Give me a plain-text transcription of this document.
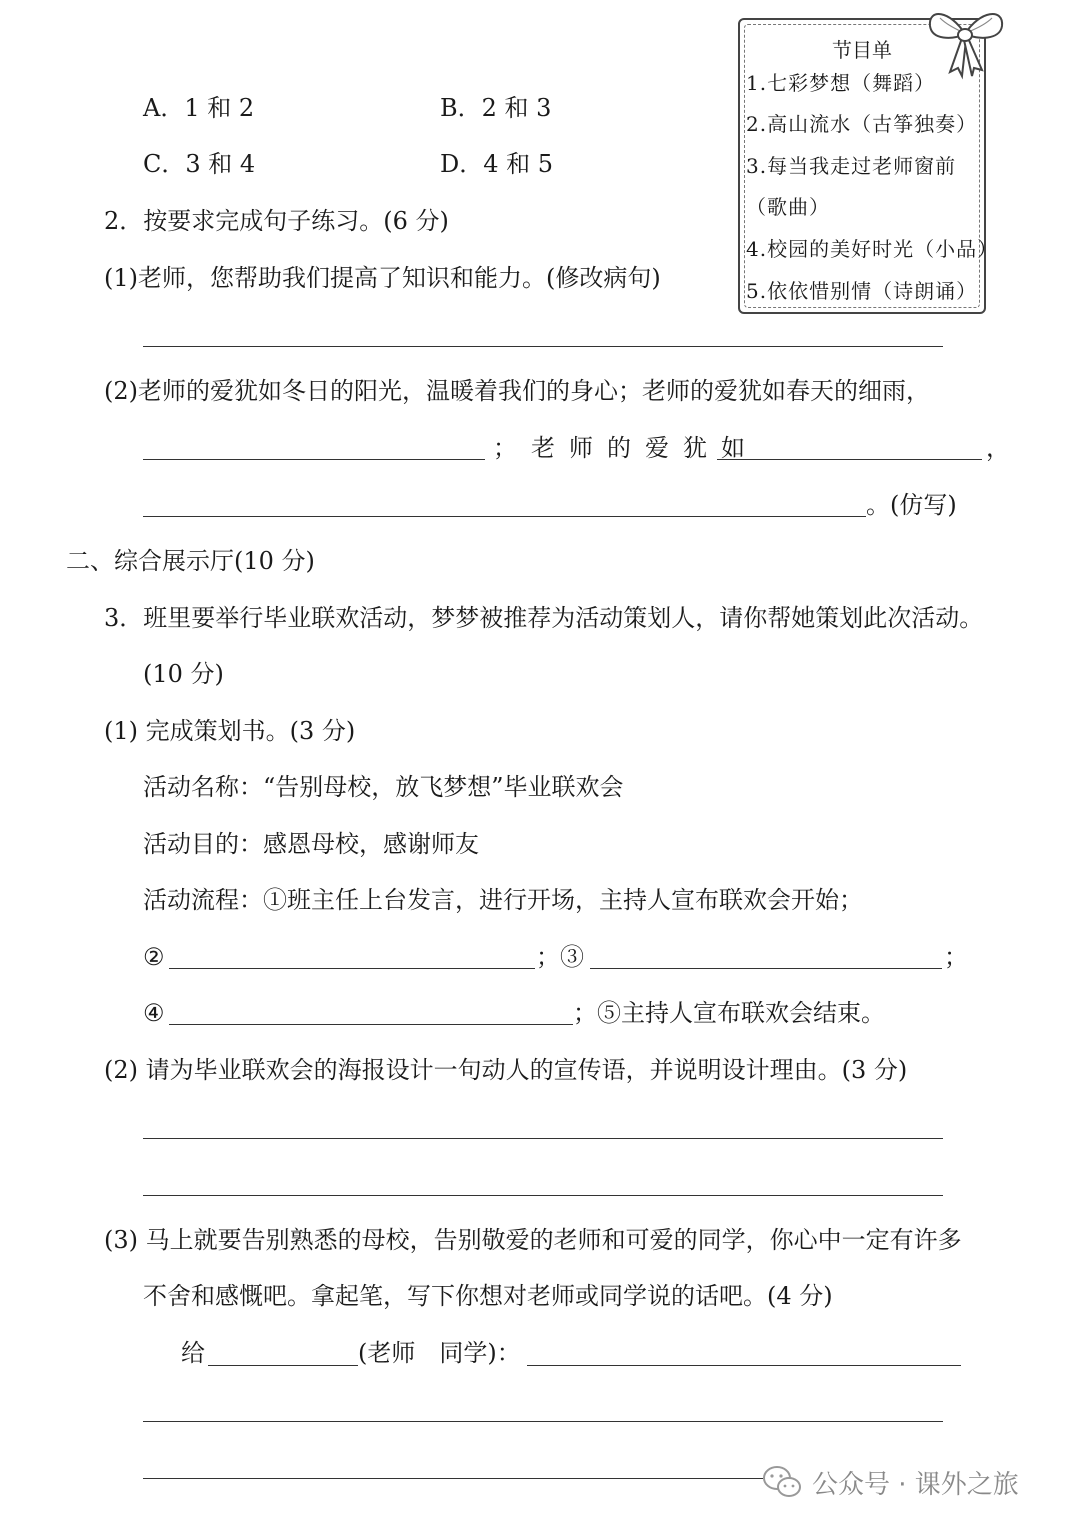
A．1 和 2	B．2 和 3
C．3 和 4	D．4 和 5
节目单
1.七彩梦想（舞蹈）
2.高山流水（古筝独奏）
3.每当我走过老师窗前
（歌曲）
4.校园的美好时光（小品）
5.依依惜别情（诗朗诵）
2．按要求完成句子练习。(6 分)
(1)老师，您帮助我们提高了知识和能力。(修改病句)
(2)老师的爱犹如冬日的阳光，温暖着我们的身心；老师的爱犹如春天的细雨，
；老师的爱犹如	，
。(仿写)
二、综合展示厅(10 分)
3．班里要举行毕业联欢活动，梦梦被推荐为活动策划人，请你帮她策划此次活动。
(10 分)
(1) 完成策划书。(3 分)
活动名称：“告别母校，放飞梦想”毕业联欢会
活动目的：感恩母校，感谢师友
活动流程：①班主任上台发言，进行开场，主持人宣布联欢会开始；
②	；③	；
④	；⑤主持人宣布联欢会结束。
(2) 请为毕业联欢会的海报设计一句动人的宣传语，并说明设计理由。(3 分)
(3) 马上就要告别熟悉的母校，告别敬爱的老师和可爱的同学，你心中一定有许多
不舍和感慨吧。拿起笔，写下你想对老师或同学说的话吧。(4 分)
给	(老师　同学)：
公众号 · 课外之旅
